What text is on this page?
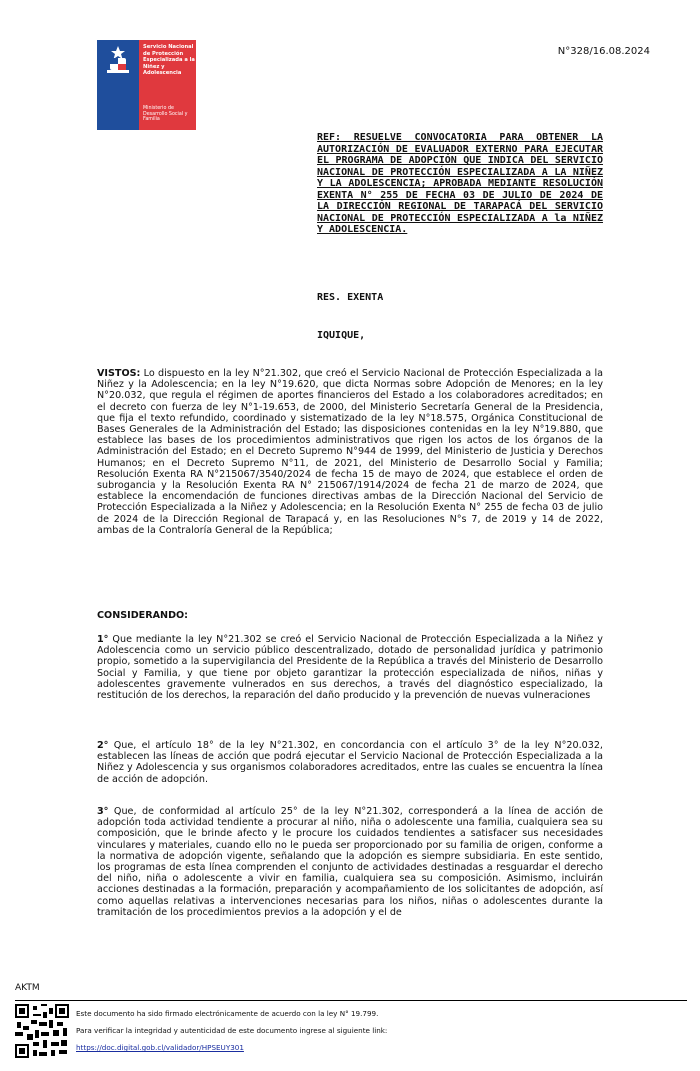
Servicio Nacional de Protección Especializada a la Niñez y Adolescencia
Ministerio de Desarrollo Social y Familia
N°328/16.08.2024
REF: RESUELVE CONVOCATORIA PARA OBTENER LA AUTORIZACIÓN DE EVALUADOR EXTERNO PARA EJECUTAR EL PROGRAMA DE ADOPCIÓN QUE INDICA DEL SERVICIO NACIONAL DE PROTECCIÓN ESPECIALIZADA A LA NIÑEZ Y LA ADOLESCENCIA; APROBADA MEDIANTE RESOLUCIÓN EXENTA N° 255 DE FECHA 03 DE JULIO DE 2024 DE LA DIRECCIÓN REGIONAL DE TARAPACÁ DEL SERVICIO NACIONAL DE PROTECCIÓN ESPECIALIZADA A la NIÑEZ Y ADOLESCENCIA.
RES. EXENTA
IQUIQUE,
VISTOS: Lo dispuesto en la ley N°21.302, que creó el Servicio Nacional de Protección Especializada a la Niñez y la Adolescencia; en la ley N°19.620, que dicta Normas sobre Adopción de Menores; en la ley N°20.032, que regula el régimen de aportes financieros del Estado a los colaboradores acreditados; en el decreto con fuerza de ley N°1-19.653, de 2000, del Ministerio Secretaría General de la Presidencia, que fija el texto refundido, coordinado y sistematizado de la ley N°18.575, Orgánica Constitucional de Bases Generales de la Administración del Estado; las disposiciones contenidas en la ley N°19.880, que establece las bases de los procedimientos administrativos que rigen los actos de los órganos de la Administración del Estado; en el Decreto Supremo N°944 de 1999, del Ministerio de Justicia y Derechos Humanos; en el Decreto Supremo N°11, de 2021, del Ministerio de Desarrollo Social y Familia; Resolución Exenta RA N°215067/3540/2024 de fecha 15 de mayo de 2024, que establece el orden de subrogancia y la Resolución Exenta RA N° 215067/1914/2024 de fecha 21 de marzo de 2024, que establece la encomendación de funciones directivas ambas de la Dirección Nacional del Servicio de Protección Especializada a la Niñez y Adolescencia; en la Resolución Exenta N° 255 de fecha 03 de julio de 2024 de la Dirección Regional de Tarapacá y, en las Resoluciones N°s 7, de 2019 y 14 de 2022, ambas de la Contraloría General de la República;
CONSIDERANDO:
1° Que mediante la ley N°21.302 se creó el Servicio Nacional de Protección Especializada a la Niñez y Adolescencia como un servicio público descentralizado, dotado de personalidad jurídica y patrimonio propio, sometido a la supervigilancia del Presidente de la República a través del Ministerio de Desarrollo Social y Familia, y que tiene por objeto garantizar la protección especializada de niños, niñas y adolescentes gravemente vulnerados en sus derechos, a través del diagnóstico especializado, la restitución de los derechos, la reparación del daño producido y la prevención de nuevas vulneraciones
2° Que, el artículo 18° de la ley N°21.302, en concordancia con el artículo 3° de la ley N°20.032, establecen las líneas de acción que podrá ejecutar el Servicio Nacional de Protección Especializada a la Niñez y Adolescencia y sus organismos colaboradores acreditados, entre las cuales se encuentra la línea de acción de adopción.
3° Que, de conformidad al artículo 25° de la ley N°21.302, corresponderá a la línea de acción de adopción toda actividad tendiente a procurar al niño, niña o adolescente una familia, cualquiera sea su composición, que le brinde afecto y le procure los cuidados tendientes a satisfacer sus necesidades vinculares y materiales, cuando ello no le pueda ser proporcionado por su familia de origen, conforme a la normativa de adopción vigente, señalando que la adopción es siempre subsidiaria. En este sentido, los programas de esta línea comprenden el conjunto de actividades destinadas a resguardar el derecho del niño, niña o adolescente a vivir en familia, cualquiera sea su composición. Asimismo, incluirán acciones destinadas a la formación, preparación y acompañamiento de los solicitantes de adopción, así como aquellas relativas a intervenciones necesarias para los niños, niñas o adolescentes durante la tramitación de los procedimientos previos a la adopción y el de
AKTM
Este documento ha sido firmado electrónicamente de acuerdo con la ley N° 19.799.
Para verificar la integridad y autenticidad de este documento ingrese al siguiente link:
https://doc.digital.gob.cl/validador/HPSEUY301
